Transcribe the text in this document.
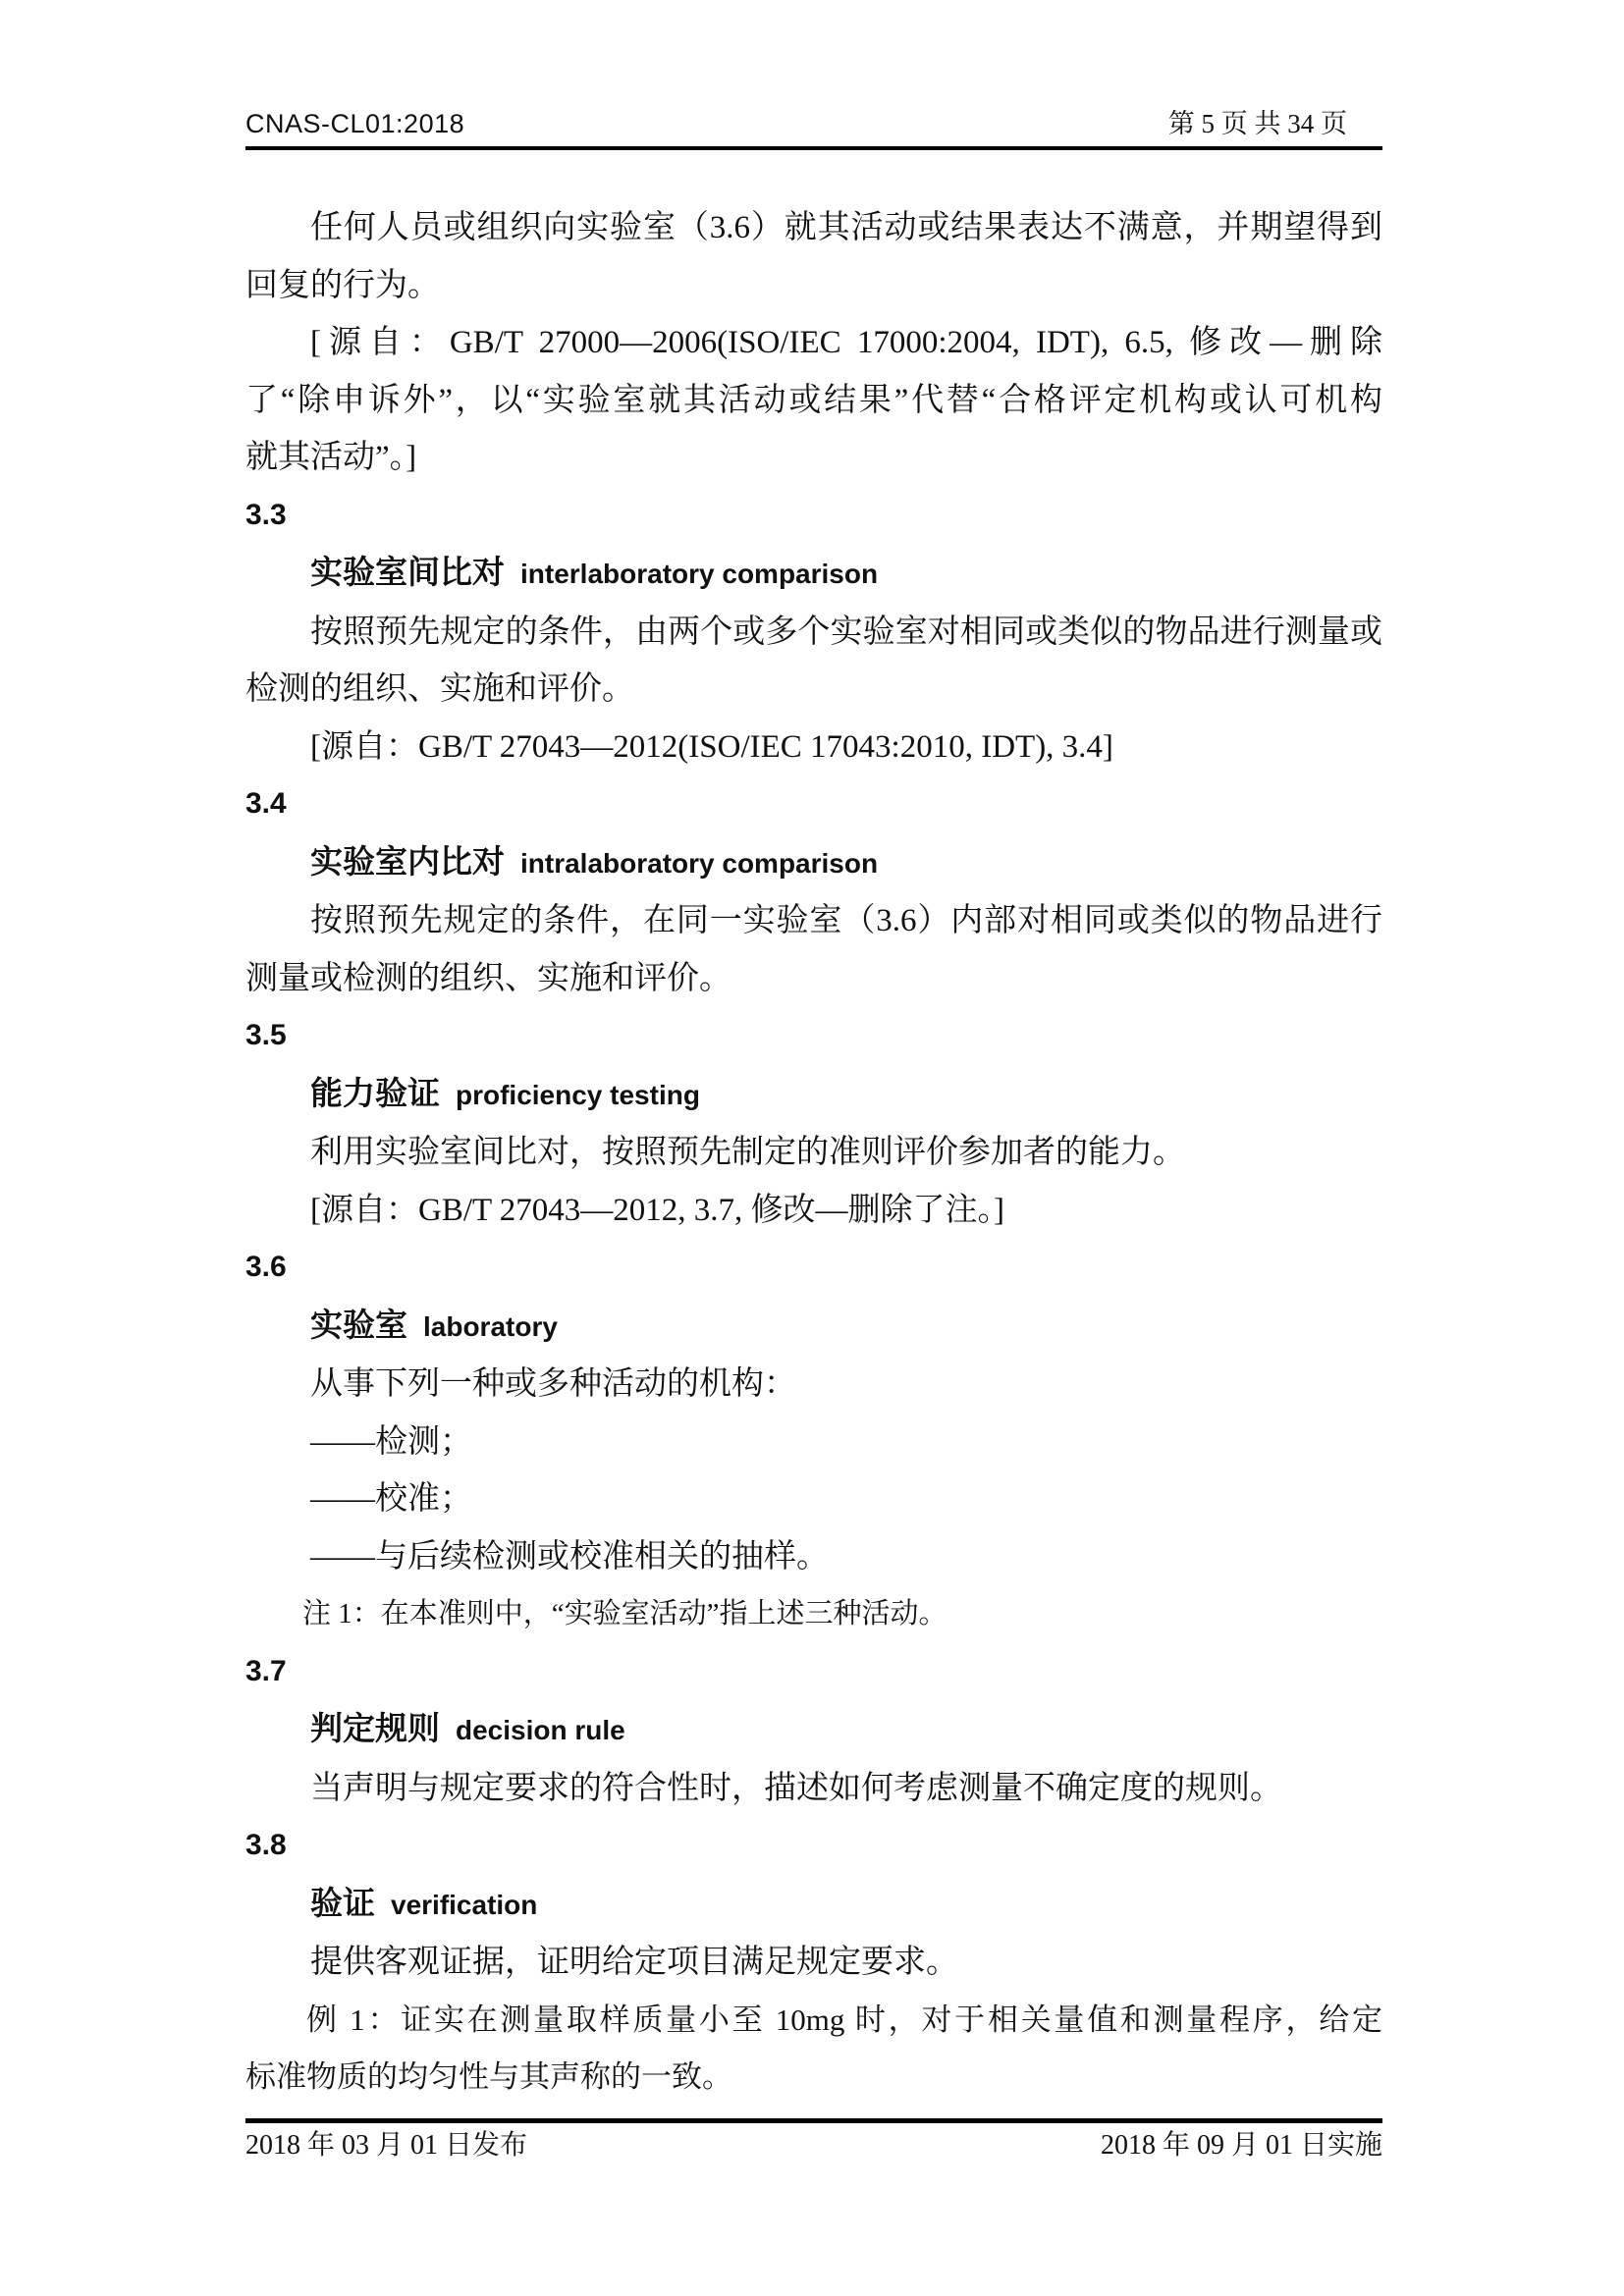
CNAS-CL01:2018	第 5 页 共 34 页
任何人员或组织向实验室（3.6）就其活动或结果表达不满意，并期望得到
回复的行为。
[源自：GB/T 27000—2006(ISO/IEC 17000:2004, IDT), 6.5, 修改—删除
了“除申诉外”，以“实验室就其活动或结果”代替“合格评定机构或认可机构
就其活动”。]
3.3
实验室间比对 interlaboratory comparison
按照预先规定的条件，由两个或多个实验室对相同或类似的物品进行测量或
检测的组织、实施和评价。
[源自：GB/T 27043—2012(ISO/IEC 17043:2010, IDT), 3.4]
3.4
实验室内比对 intralaboratory comparison
按照预先规定的条件，在同一实验室（3.6）内部对相同或类似的物品进行
测量或检测的组织、实施和评价。
3.5
能力验证 proficiency testing
利用实验室间比对，按照预先制定的准则评价参加者的能力。
[源自：GB/T 27043—2012, 3.7, 修改—删除了注。]
3.6
实验室 laboratory
从事下列一种或多种活动的机构：
——检测；
——校准；
——与后续检测或校准相关的抽样。
注 1：在本准则中，“实验室活动”指上述三种活动。
3.7
判定规则 decision rule
当声明与规定要求的符合性时，描述如何考虑测量不确定度的规则。
3.8
验证 verification
提供客观证据，证明给定项目满足规定要求。
例 1：证实在测量取样质量小至 10mg 时，对于相关量值和测量程序，给定
标准物质的均匀性与其声称的一致。
2018 年 03 月 01 日发布	2018 年 09 月 01 日实施
